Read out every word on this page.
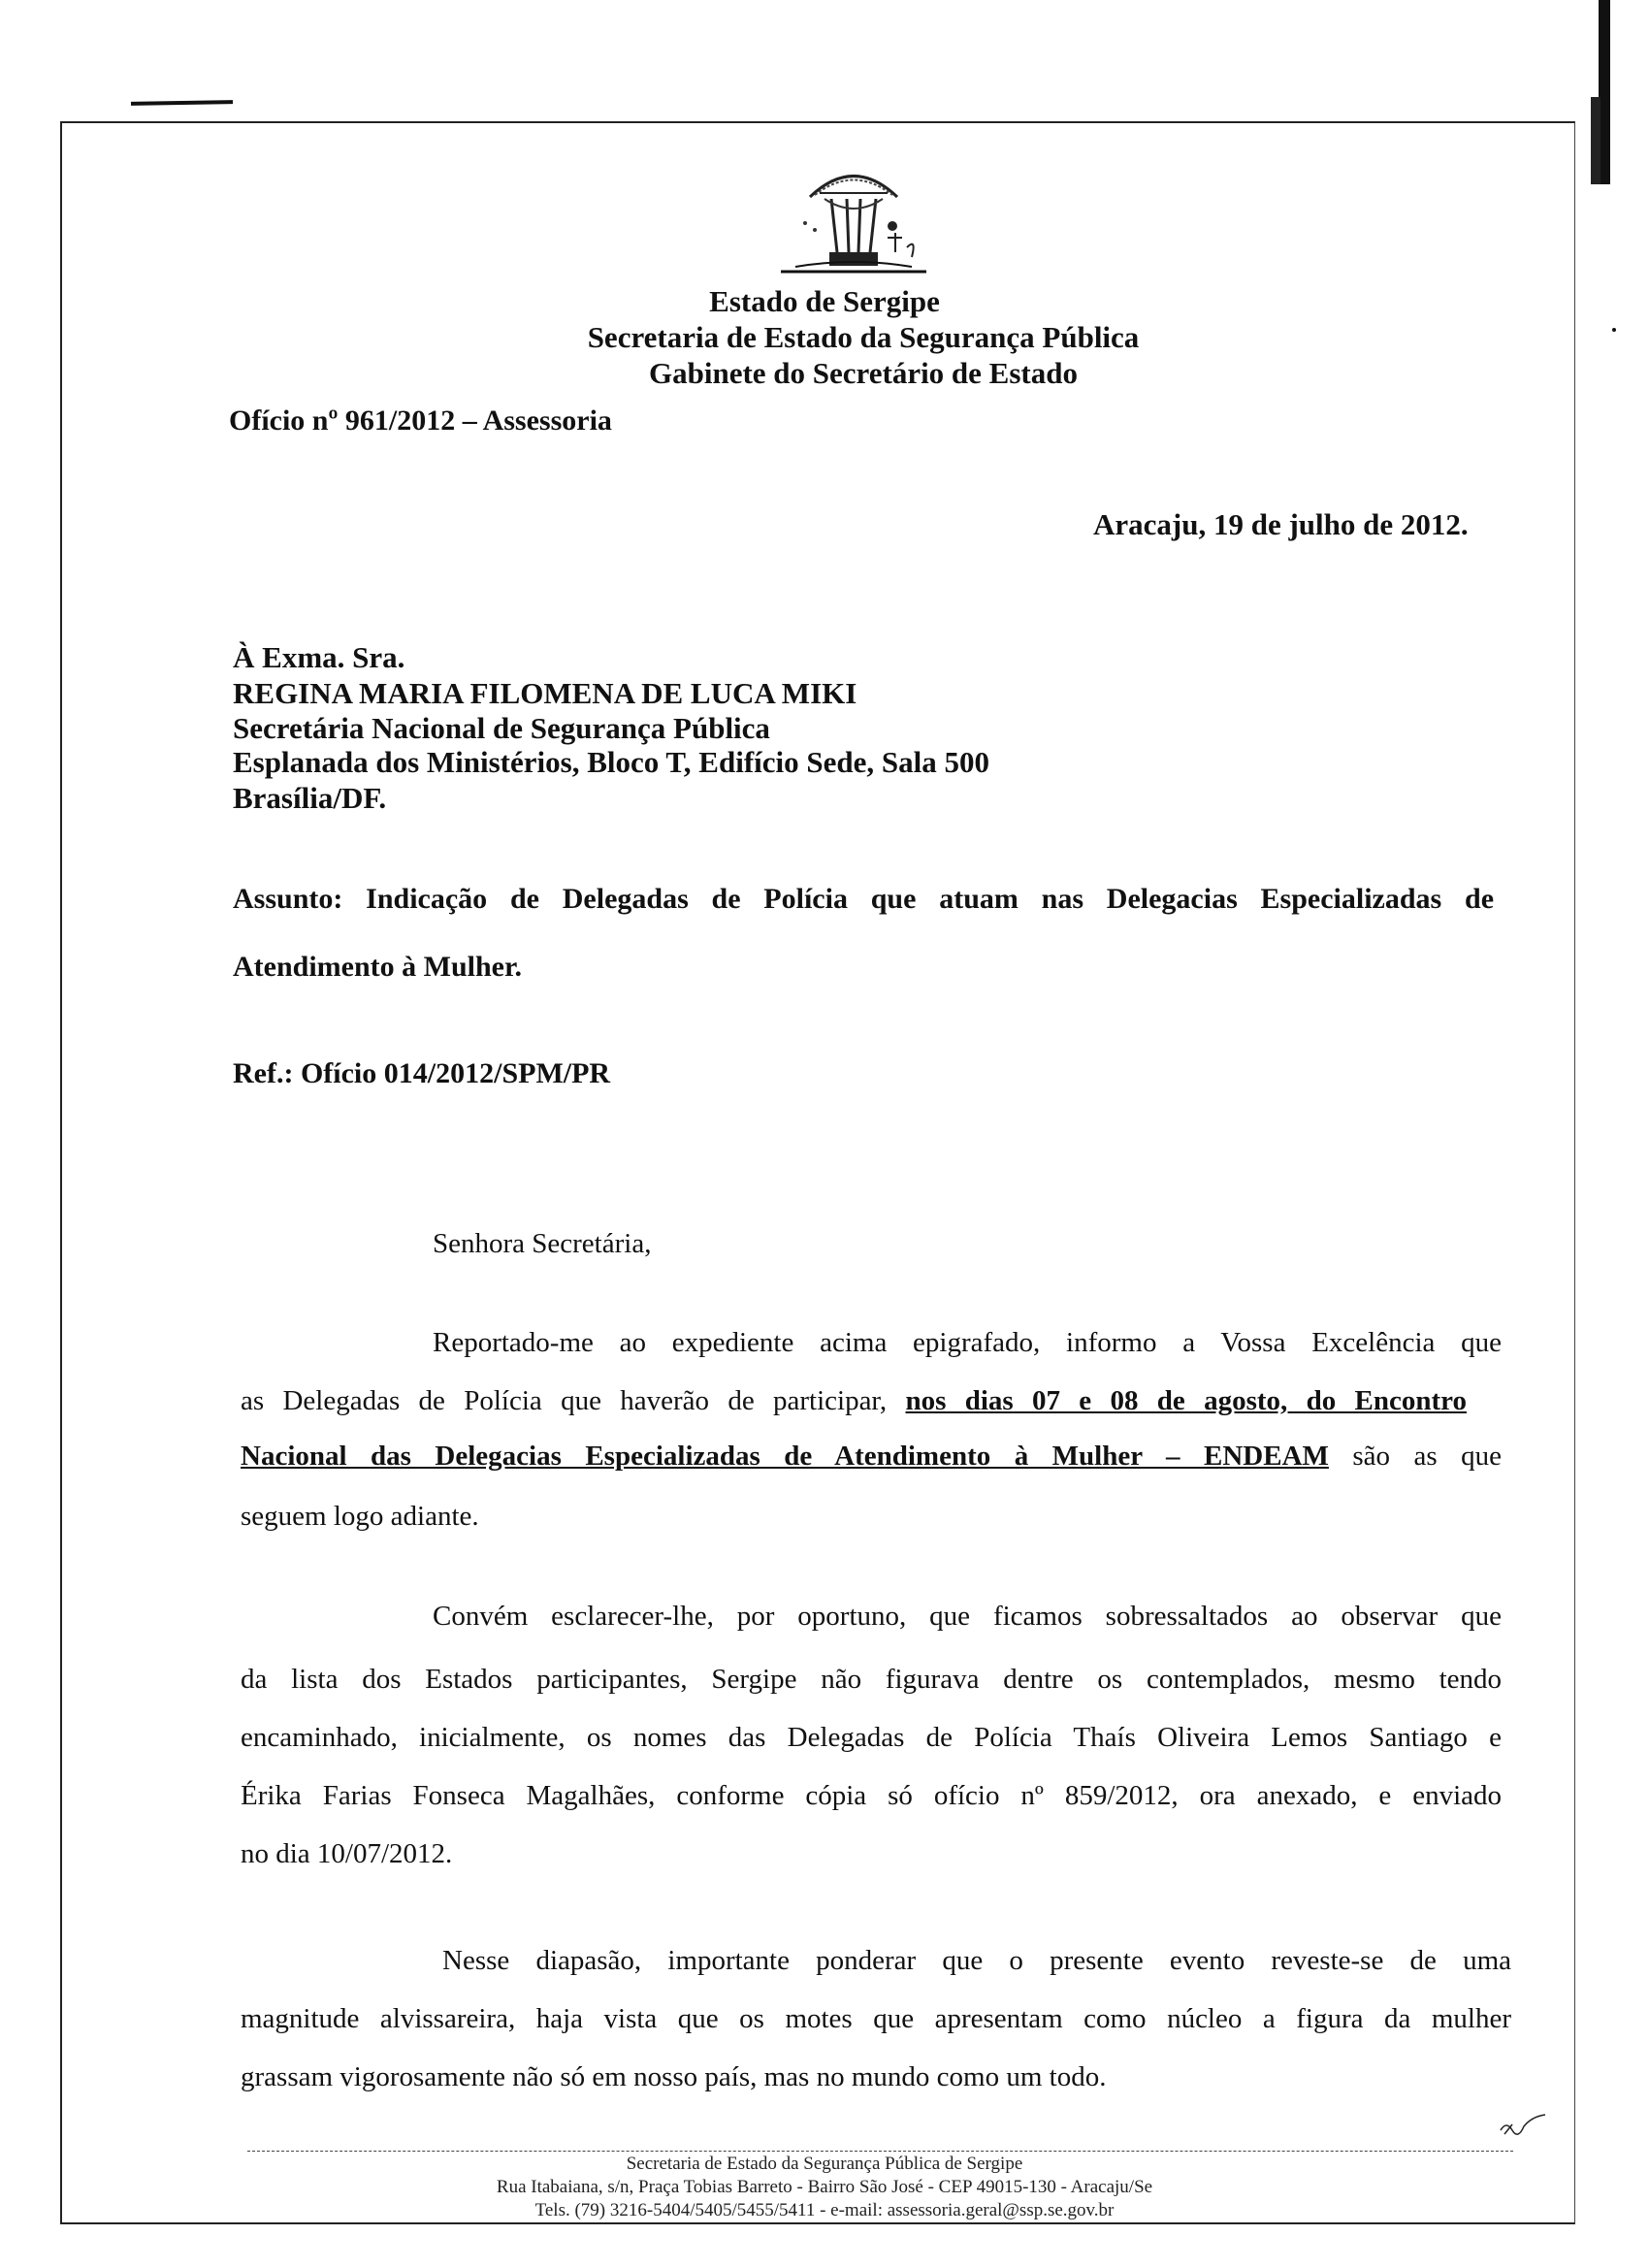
Estado de Sergipe
Secretaria de Estado da Segurança Pública
Gabinete do Secretário de Estado
Ofício nº 961/2012 – Assessoria
Aracaju, 19 de julho de 2012.
À Exma. Sra.
REGINA MARIA FILOMENA DE LUCA MIKI
Secretária Nacional de Segurança Pública
Esplanada dos Ministérios, Bloco T, Edifício Sede, Sala 500
Brasília/DF.
Assunto: Indicação de Delegadas de Polícia que atuam nas Delegacias Especializadas de
Atendimento à Mulher.
Ref.: Ofício 014/2012/SPM/PR
Senhora Secretária,
Reportado-me ao expediente acima epigrafado, informo a Vossa Excelência que
as Delegadas de Polícia que haverão de participar, nos dias 07 e 08 de agosto, do Encontro
Nacional das Delegacias Especializadas de Atendimento à Mulher – ENDEAM são as que
seguem logo adiante.
Convém esclarecer-lhe, por oportuno, que ficamos sobressaltados ao observar que
da lista dos Estados participantes, Sergipe não figurava dentre os contemplados, mesmo tendo
encaminhado, inicialmente, os nomes das Delegadas de Polícia Thaís Oliveira Lemos Santiago e
Érika Farias Fonseca Magalhães, conforme cópia só ofício nº 859/2012, ora anexado, e enviado
no dia 10/07/2012.
Nesse diapasão, importante ponderar que o presente evento reveste-se de uma
magnitude alvissareira, haja vista que os motes que apresentam como núcleo a figura da mulher
grassam vigorosamente não só em nosso país, mas no mundo como um todo.
Secretaria de Estado da Segurança Pública de Sergipe
Rua Itabaiana, s/n, Praça Tobias Barreto - Bairro São José - CEP 49015-130 - Aracaju/Se
Tels. (79) 3216-5404/5405/5455/5411 - e-mail: assessoria.geral@ssp.se.gov.br
